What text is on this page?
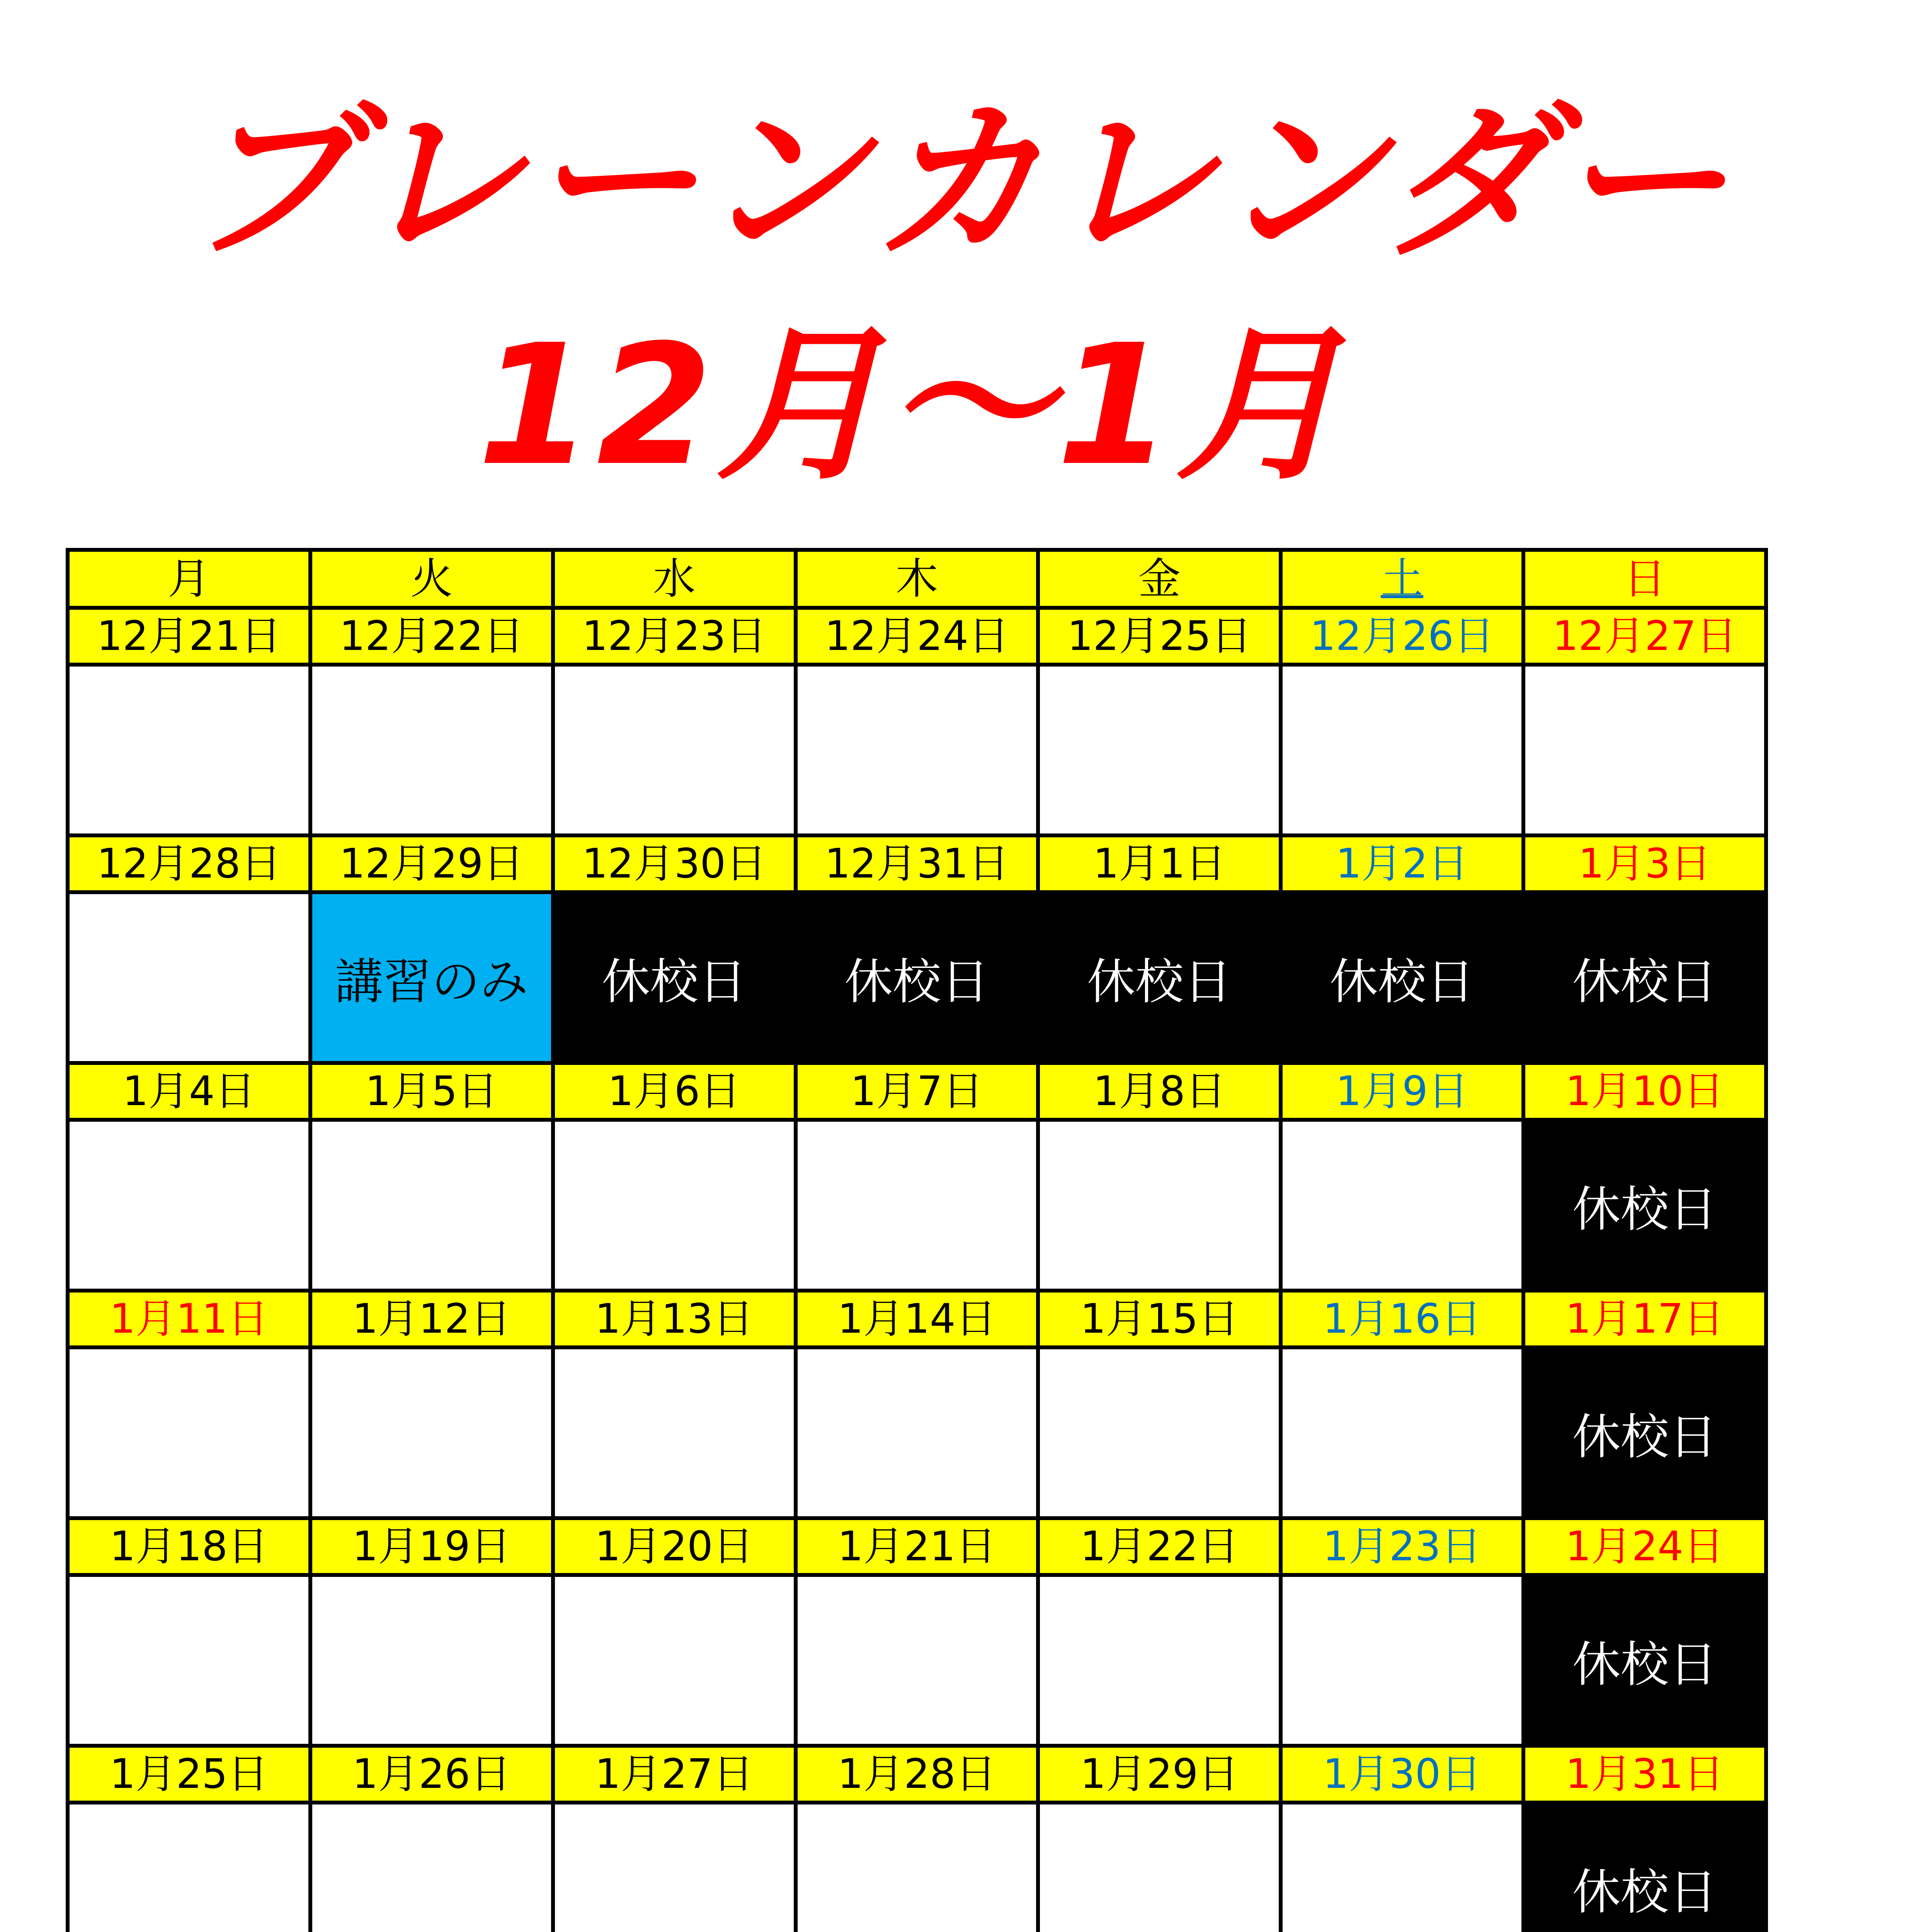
ブレーンカレンダー
12月〜1月
月	火	水	木	金	土	日
12月21日	12月22日	12月23日	12月24日	12月25日	12月26日	12月27日

12月28日	12月29日	12月30日	12月31日	1月1日	1月2日	1月3日
	講習のみ	休校日	休校日	休校日	休校日	休校日
1月4日	1月5日	1月6日	1月7日	1月8日	1月9日	1月10日
						休校日
1月11日	1月12日	1月13日	1月14日	1月15日	1月16日	1月17日
						休校日
1月18日	1月19日	1月20日	1月21日	1月22日	1月23日	1月24日
						休校日
1月25日	1月26日	1月27日	1月28日	1月29日	1月30日	1月31日
						休校日
